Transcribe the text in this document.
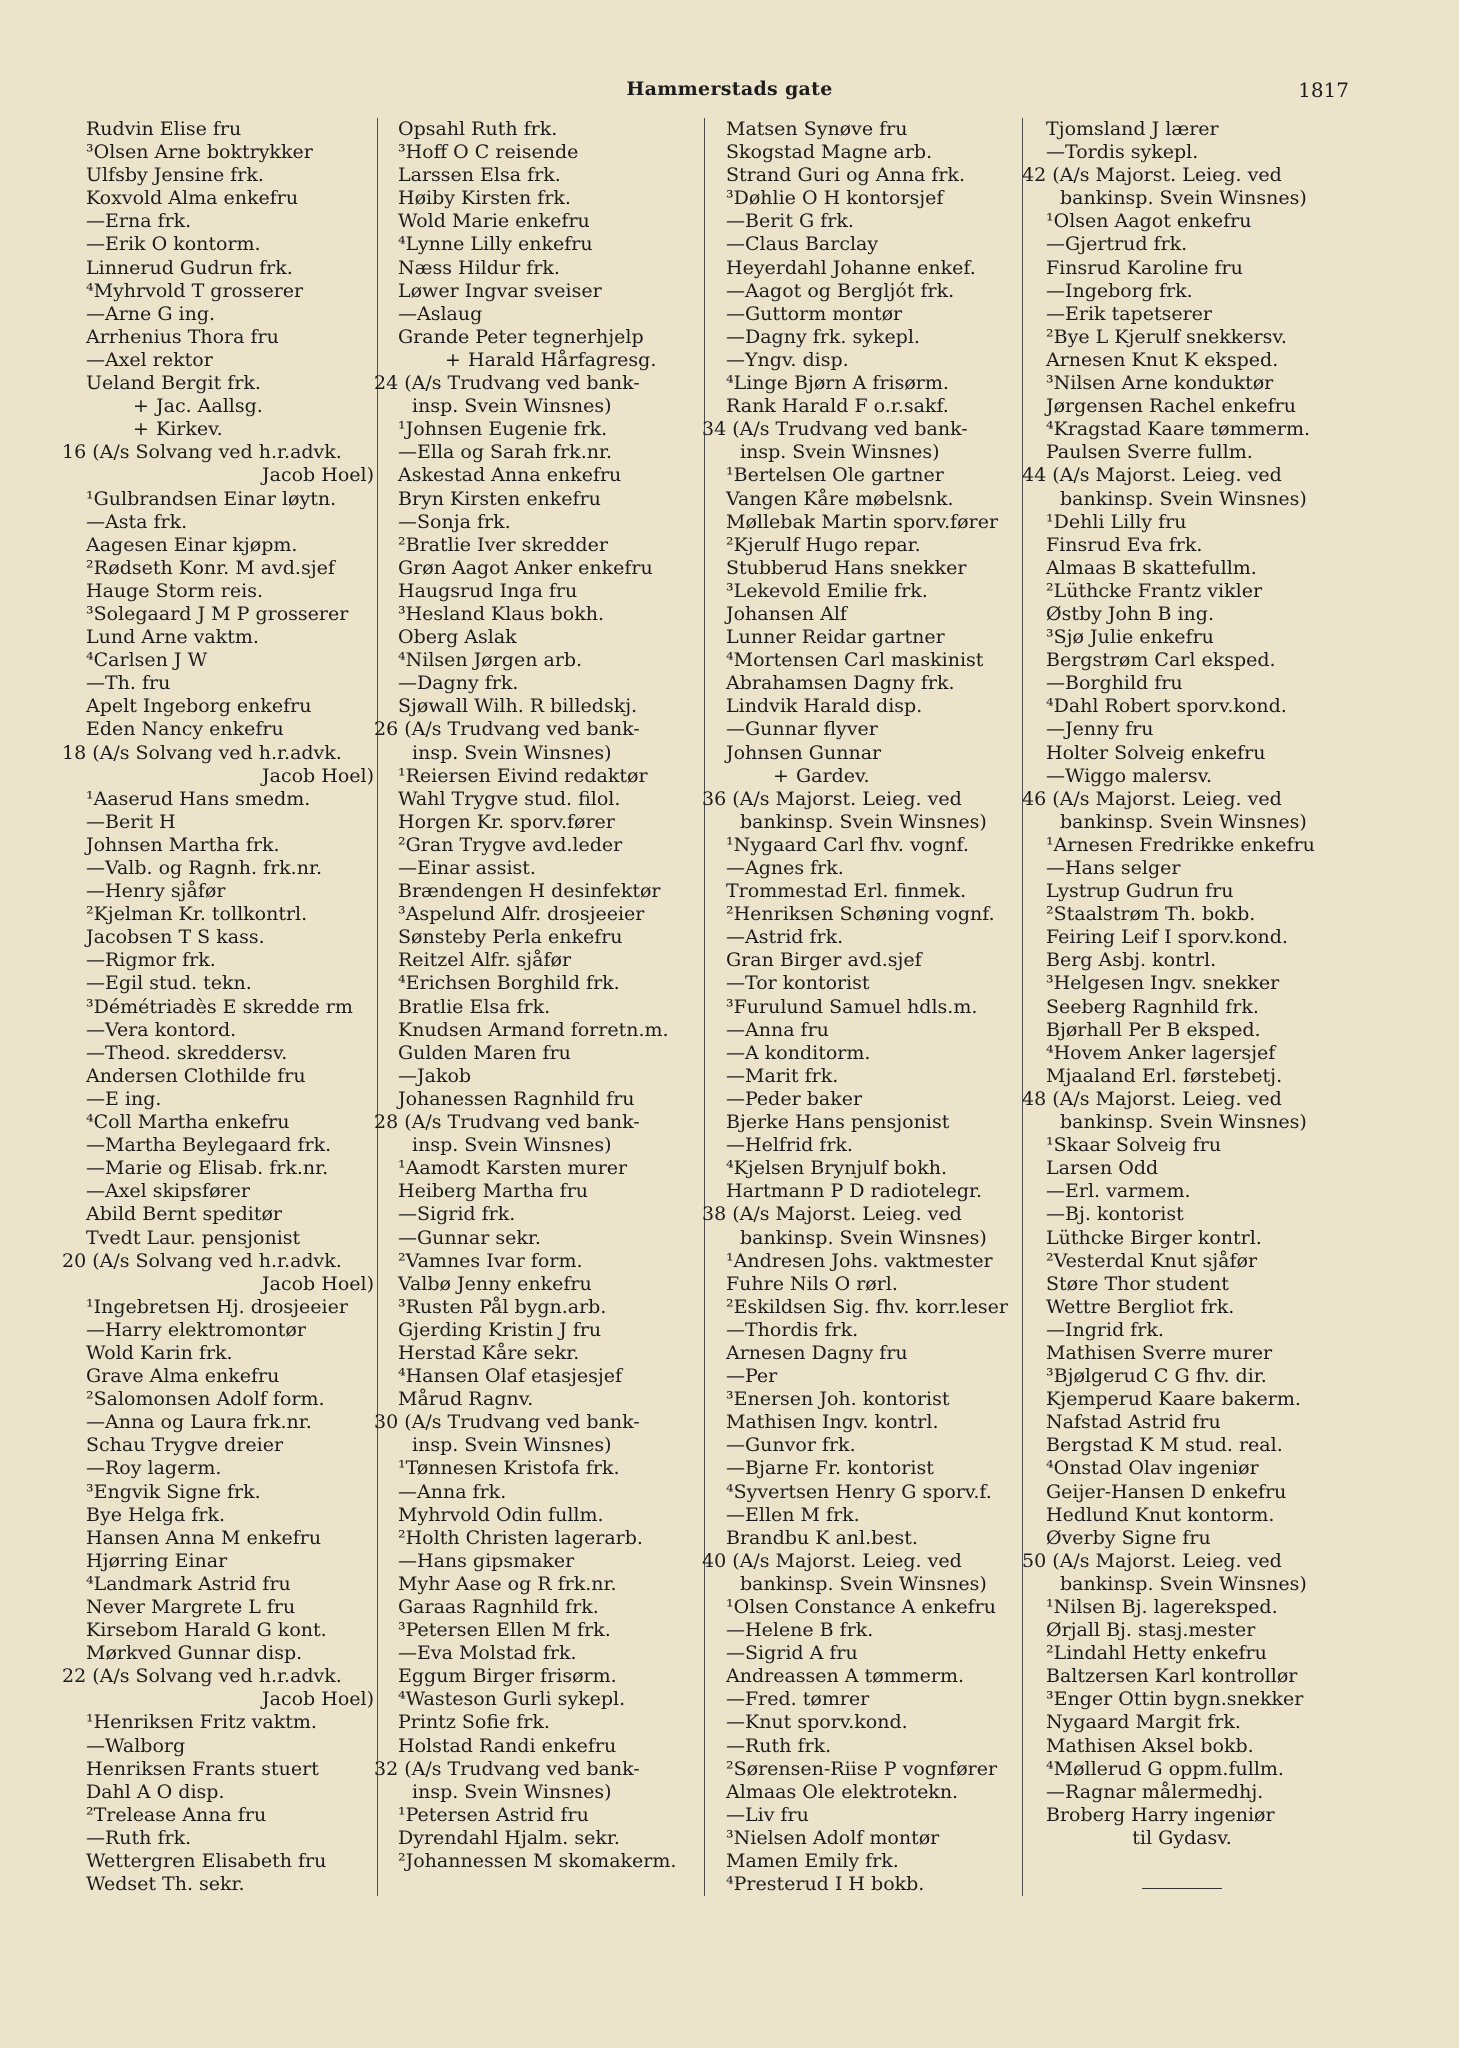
Hammerstads gate	1817
Rudvin Elise fru
³Olsen Arne boktrykker
Ulfsby Jensine frk.
Koxvold Alma enkefru
—Erna frk.
—Erik O kontorm.
Linnerud Gudrun frk.
⁴Myhrvold T grosserer
—Arne G ing.
Arrhenius Thora fru
—Axel rektor
Ueland Bergit frk.
+ Jac. Aallsg.
+ Kirkev.
16 (A/s Solvang ved h.r.advk.
Jacob Hoel)
¹Gulbrandsen Einar løytn.
—Asta frk.
Aagesen Einar kjøpm.
²Rødseth Konr. M avd.sjef
Hauge Storm reis.
³Solegaard J M P grosserer
Lund Arne vaktm.
⁴Carlsen J W
—Th. fru
Apelt Ingeborg enkefru
Eden Nancy enkefru
18 (A/s Solvang ved h.r.advk.
Jacob Hoel)
¹Aaserud Hans smedm.
—Berit H
Johnsen Martha frk.
—Valb. og Ragnh. frk.nr.
—Henry sjåfør
²Kjelman Kr. tollkontrl.
Jacobsen T S kass.
—Rigmor frk.
—Egil stud. tekn.
³Démétriadès E skredde rm
—Vera kontord.
—Theod. skreddersv.
Andersen Clothilde fru
—E ing.
⁴Coll Martha enkefru
—Martha Beylegaard frk.
—Marie og Elisab. frk.nr.
—Axel skipsfører
Abild Bernt speditør
Tvedt Laur. pensjonist
20 (A/s Solvang ved h.r.advk.
Jacob Hoel)
¹Ingebretsen Hj. drosjeeier
—Harry elektromontør
Wold Karin frk.
Grave Alma enkefru
²Salomonsen Adolf form.
—Anna og Laura frk.nr.
Schau Trygve dreier
—Roy lagerm.
³Engvik Signe frk.
Bye Helga frk.
Hansen Anna M enkefru
Hjørring Einar
⁴Landmark Astrid fru
Never Margrete L fru
Kirsebom Harald G kont.
Mørkved Gunnar disp.
22 (A/s Solvang ved h.r.advk.
Jacob Hoel)
¹Henriksen Fritz vaktm.
—Walborg
Henriksen Frants stuert
Dahl A O disp.
²Trelease Anna fru
—Ruth frk.
Wettergren Elisabeth fru
Wedset Th. sekr.
Opsahl Ruth frk.
³Hoff O C reisende
Larssen Elsa frk.
Høiby Kirsten frk.
Wold Marie enkefru
⁴Lynne Lilly enkefru
Næss Hildur frk.
Løwer Ingvar sveiser
—Aslaug
Grande Peter tegnerhjelp
+ Harald Hårfagresg.
24 (A/s Trudvang ved bank-
insp. Svein Winsnes)
¹Johnsen Eugenie frk.
—Ella og Sarah frk.nr.
Askestad Anna enkefru
Bryn Kirsten enkefru
—Sonja frk.
²Bratlie Iver skredder
Grøn Aagot Anker enkefru
Haugsrud Inga fru
³Hesland Klaus bokh.
Oberg Aslak
⁴Nilsen Jørgen arb.
—Dagny frk.
Sjøwall Wilh. R billedskj.
26 (A/s Trudvang ved bank-
insp. Svein Winsnes)
¹Reiersen Eivind redaktør
Wahl Trygve stud. filol.
Horgen Kr. sporv.fører
²Gran Trygve avd.leder
—Einar assist.
Brændengen H desinfektør
³Aspelund Alfr. drosjeeier
Sønsteby Perla enkefru
Reitzel Alfr. sjåfør
⁴Erichsen Borghild frk.
Bratlie Elsa frk.
Knudsen Armand forretn.m.
Gulden Maren fru
—Jakob
Johanessen Ragnhild fru
28 (A/s Trudvang ved bank-
insp. Svein Winsnes)
¹Aamodt Karsten murer
Heiberg Martha fru
—Sigrid frk.
—Gunnar sekr.
²Vamnes Ivar form.
Valbø Jenny enkefru
³Rusten Pål bygn.arb.
Gjerding Kristin J fru
Herstad Kåre sekr.
⁴Hansen Olaf etasjesjef
Mårud Ragnv.
30 (A/s Trudvang ved bank-
insp. Svein Winsnes)
¹Tønnesen Kristofa frk.
—Anna frk.
Myhrvold Odin fullm.
²Holth Christen lagerarb.
—Hans gipsmaker
Myhr Aase og R frk.nr.
Garaas Ragnhild frk.
³Petersen Ellen M frk.
—Eva Molstad frk.
Eggum Birger frisørm.
⁴Wasteson Gurli sykepl.
Printz Sofie frk.
Holstad Randi enkefru
32 (A/s Trudvang ved bank-
insp. Svein Winsnes)
¹Petersen Astrid fru
Dyrendahl Hjalm. sekr.
²Johannessen M skomakerm.
Matsen Synøve fru
Skogstad Magne arb.
Strand Guri og Anna frk.
³Døhlie O H kontorsjef
—Berit G frk.
—Claus Barclay
Heyerdahl Johanne enkef.
—Aagot og Bergljót frk.
—Guttorm montør
—Dagny frk. sykepl.
—Yngv. disp.
⁴Linge Bjørn A frisørm.
Rank Harald F o.r.sakf.
34 (A/s Trudvang ved bank-
insp. Svein Winsnes)
¹Bertelsen Ole gartner
Vangen Kåre møbelsnk.
Møllebak Martin sporv.fører
²Kjerulf Hugo repar.
Stubberud Hans snekker
³Lekevold Emilie frk.
Johansen Alf
Lunner Reidar gartner
⁴Mortensen Carl maskinist
Abrahamsen Dagny frk.
Lindvik Harald disp.
—Gunnar flyver
Johnsen Gunnar
+ Gardev.
36 (A/s Majorst. Leieg. ved
bankinsp. Svein Winsnes)
¹Nygaard Carl fhv. vognf.
—Agnes frk.
Trommestad Erl. finmek.
²Henriksen Schøning vognf.
—Astrid frk.
Gran Birger avd.sjef
—Tor kontorist
³Furulund Samuel hdls.m.
—Anna fru
—A konditorm.
—Marit frk.
—Peder baker
Bjerke Hans pensjonist
—Helfrid frk.
⁴Kjelsen Brynjulf bokh.
Hartmann P D radiotelegr.
38 (A/s Majorst. Leieg. ved
bankinsp. Svein Winsnes)
¹Andresen Johs. vaktmester
Fuhre Nils O rørl.
²Eskildsen Sig. fhv. korr.leser
—Thordis frk.
Arnesen Dagny fru
—Per
³Enersen Joh. kontorist
Mathisen Ingv. kontrl.
—Gunvor frk.
—Bjarne Fr. kontorist
⁴Syvertsen Henry G sporv.f.
—Ellen M frk.
Brandbu K anl.best.
40 (A/s Majorst. Leieg. ved
bankinsp. Svein Winsnes)
¹Olsen Constance A enkefru
—Helene B frk.
—Sigrid A fru
Andreassen A tømmerm.
—Fred. tømrer
—Knut sporv.kond.
—Ruth frk.
²Sørensen-Riise P vognfører
Almaas Ole elektrotekn.
—Liv fru
³Nielsen Adolf montør
Mamen Emily frk.
⁴Presterud I H bokb.
Tjomsland J lærer
—Tordis sykepl.
42 (A/s Majorst. Leieg. ved
bankinsp. Svein Winsnes)
¹Olsen Aagot enkefru
—Gjertrud frk.
Finsrud Karoline fru
—Ingeborg frk.
—Erik tapetserer
²Bye L Kjerulf snekkersv.
Arnesen Knut K eksped.
³Nilsen Arne konduktør
Jørgensen Rachel enkefru
⁴Kragstad Kaare tømmerm.
Paulsen Sverre fullm.
44 (A/s Majorst. Leieg. ved
bankinsp. Svein Winsnes)
¹Dehli Lilly fru
Finsrud Eva frk.
Almaas B skattefullm.
²Lüthcke Frantz vikler
Østby John B ing.
³Sjø Julie enkefru
Bergstrøm Carl eksped.
—Borghild fru
⁴Dahl Robert sporv.kond.
—Jenny fru
Holter Solveig enkefru
—Wiggo malersv.
46 (A/s Majorst. Leieg. ved
bankinsp. Svein Winsnes)
¹Arnesen Fredrikke enkefru
—Hans selger
Lystrup Gudrun fru
²Staalstrøm Th. bokb.
Feiring Leif I sporv.kond.
Berg Asbj. kontrl.
³Helgesen Ingv. snekker
Seeberg Ragnhild frk.
Bjørhall Per B eksped.
⁴Hovem Anker lagersjef
Mjaaland Erl. førstebetj.
48 (A/s Majorst. Leieg. ved
bankinsp. Svein Winsnes)
¹Skaar Solveig fru
Larsen Odd
—Erl. varmem.
—Bj. kontorist
Lüthcke Birger kontrl.
²Vesterdal Knut sjåfør
Støre Thor student
Wettre Bergliot frk.
—Ingrid frk.
Mathisen Sverre murer
³Bjølgerud C G fhv. dir.
Kjemperud Kaare bakerm.
Nafstad Astrid fru
Bergstad K M stud. real.
⁴Onstad Olav ingeniør
Geijer-Hansen D enkefru
Hedlund Knut kontorm.
Øverby Signe fru
50 (A/s Majorst. Leieg. ved
bankinsp. Svein Winsnes)
¹Nilsen Bj. lagereksped.
Ørjall Bj. stasj.mester
²Lindahl Hetty enkefru
Baltzersen Karl kontrollør
³Enger Ottin bygn.snekker
Nygaard Margit frk.
Mathisen Aksel bokb.
⁴Møllerud G oppm.fullm.
—Ragnar målermedhj.
Broberg Harry ingeniør
til Gydasv.
